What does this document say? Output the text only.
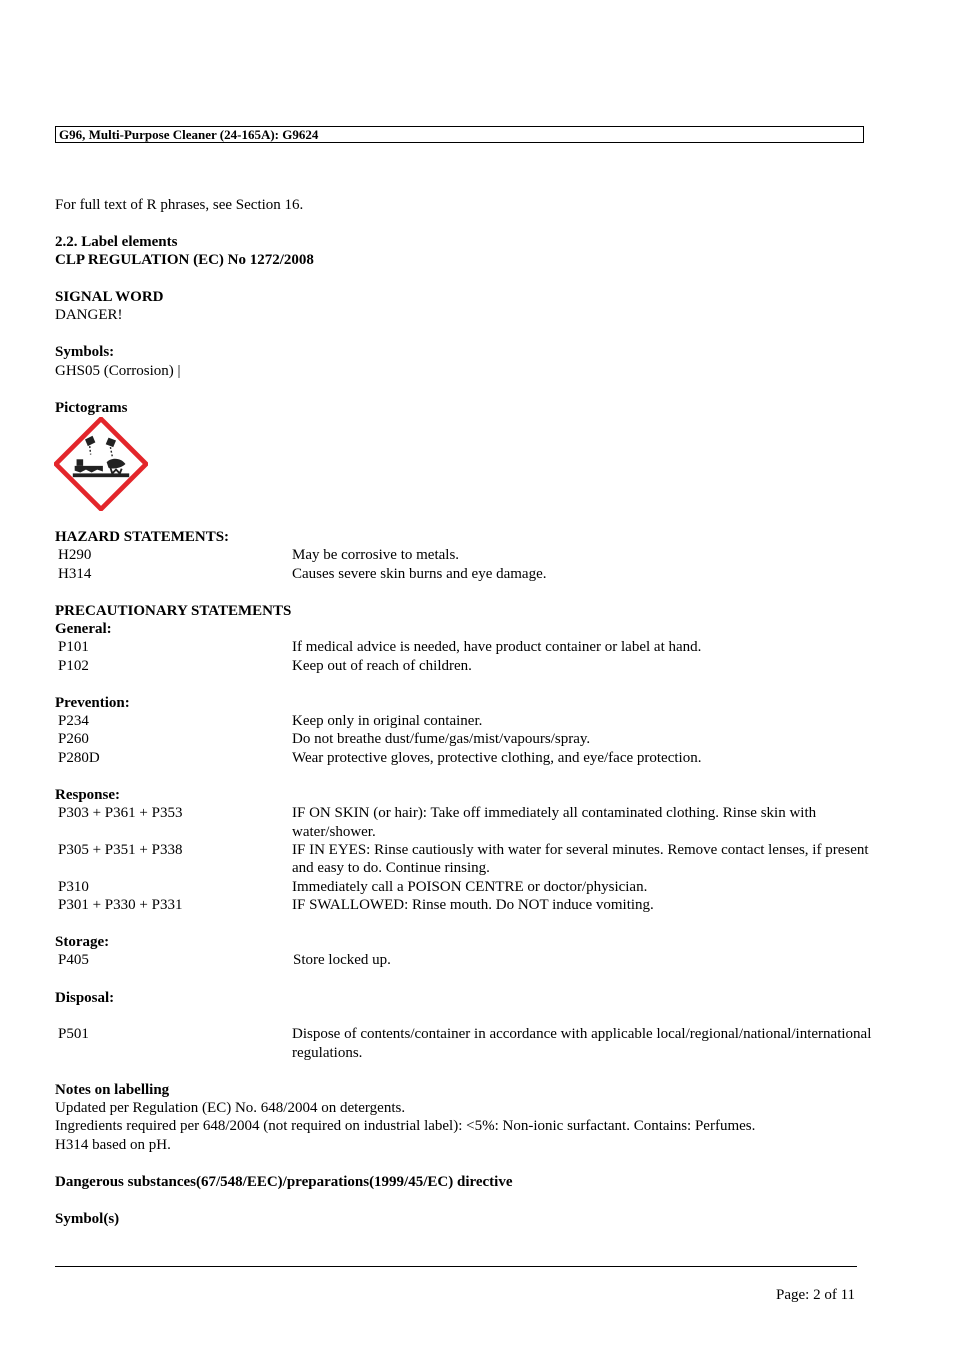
G96, Multi-Purpose Cleaner (24-165A): G9624
For full text of R phrases, see Section 16.
2.2. Label elements
CLP REGULATION (EC) No 1272/2008
SIGNAL WORD
DANGER!
Symbols:
GHS05 (Corrosion) |
Pictograms
HAZARD STATEMENTS:
H290	May be corrosive to metals.
H314	Causes severe skin burns and eye damage.
PRECAUTIONARY STATEMENTS
General:
P101	If medical advice is needed, have product container or label at hand.
P102	Keep out of reach of children.
Prevention:
P234	Keep only in original container.
P260	Do not breathe dust/fume/gas/mist/vapours/spray.
P280D	Wear protective gloves, protective clothing, and eye/face protection.
Response:
P303 + P361 + P353	IF ON SKIN (or hair): Take off immediately all contaminated clothing. Rinse skin with
water/shower.
P305 + P351 + P338	IF IN EYES: Rinse cautiously with water for several minutes. Remove contact lenses, if present
and easy to do. Continue rinsing.
P310	Immediately call a POISON CENTRE or doctor/physician.
P301 + P330 + P331	IF SWALLOWED: Rinse mouth. Do NOT induce vomiting.
Storage:
P405	Store locked up.
Disposal:
P501	Dispose of contents/container in accordance with applicable local/regional/national/international
regulations.
Notes on labelling
Updated per Regulation (EC) No. 648/2004 on detergents.
Ingredients required per 648/2004 (not required on industrial label): <5%: Non-ionic surfactant. Contains: Perfumes.
H314 based on pH.
Dangerous substances(67/548/EEC)/preparations(1999/45/EC) directive
Symbol(s)
Page: 2 of 11
